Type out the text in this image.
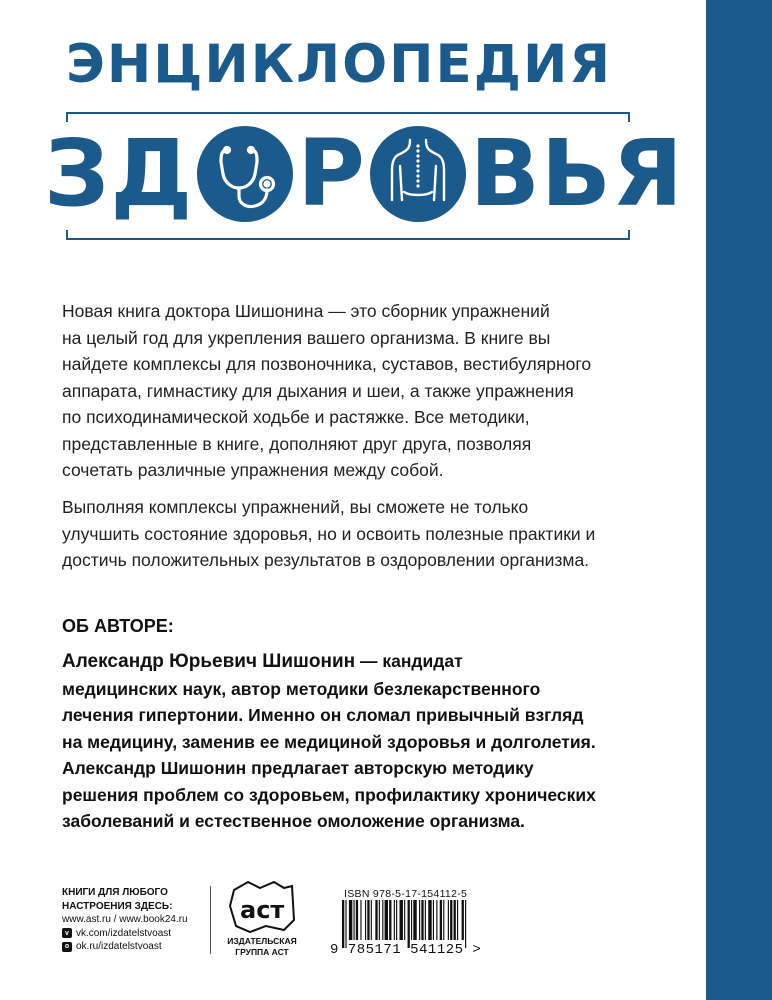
ЭНЦИКЛОПЕДИЯ
ЗД Р ВЬЯ
Новая книга доктора Шишонина — это сборник упражнений
на целый год для укрепления вашего организма. В книге вы
найдете комплексы для позвоночника, суставов, вестибулярного
аппарата, гимнастику для дыхания и шеи, а также упражнения
по психодинамической ходьбе и растяжке. Все методики,
представленные в книге, дополняют друг друга, позволяя
сочетать различные упражнения между собой.
Выполняя комплексы упражнений, вы сможете не только
улучшить состояние здоровья, но и освоить полезные практики и
достичь положительных результатов в оздоровлении организма.
ОБ АВТОРЕ:
Александр Юрьевич Шишонин — кандидат
медицинских наук, автор методики безлекарственного
лечения гипертонии. Именно он сломал привычный взгляд
на медицину, заменив ее медициной здоровья и долголетия.
Александр Шишонин предлагает авторскую методику
решения проблем со здоровьем, профилактику хронических
заболеваний и естественное омоложение организма.
КНИГИ ДЛЯ ЛЮБОГО
НАСТРОЕНИЯ ЗДЕСЬ:
www.ast.ru / www.book24.ru
v vk.com/izdatelstvoast
o ok.ru/izdatelstvoast
аст
ИЗДАТЕЛЬСКАЯ
ГРУППА АСТ
ISBN 978-5-17-154112-5
9 785171 541125 >
